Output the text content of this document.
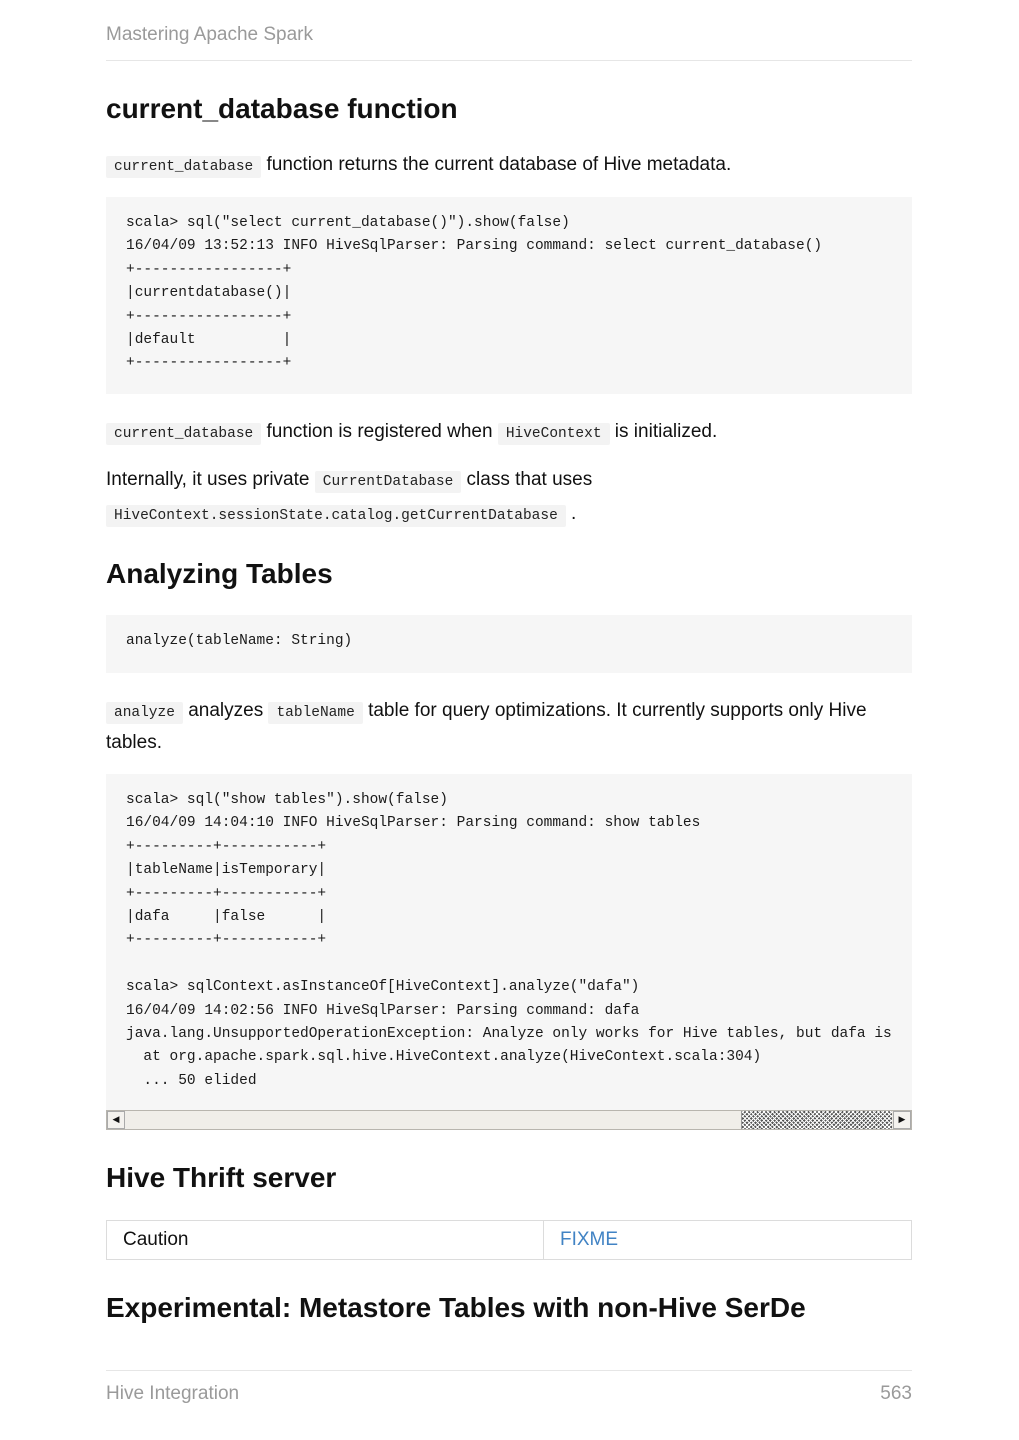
Mastering Apache Spark
current_database function

current_database function returns the current database of Hive metadata.

scala> sql("select current_database()").show(false)
16/04/09 13:52:13 INFO HiveSqlParser: Parsing command: select current_database()
+-----------------+
|currentdatabase()|
+-----------------+
|default          |
+-----------------+

current_database function is registered when HiveContext is initialized.

Internally, it uses private CurrentDatabase class that uses
HiveContext.sessionState.catalog.getCurrentDatabase .

Analyzing Tables
analyze(tableName: String)

analyze analyzes tableName table for query optimizations. It currently supports only Hive tables.

scala> sql("show tables").show(false)
16/04/09 14:04:10 INFO HiveSqlParser: Parsing command: show tables
+---------+-----------+
|tableName|isTemporary|
+---------+-----------+
|dafa     |false      |
+---------+-----------+

scala> sqlContext.asInstanceOf[HiveContext].analyze("dafa")
16/04/09 14:02:56 INFO HiveSqlParser: Parsing command: dafa
java.lang.UnsupportedOperationException: Analyze only works for Hive tables, but dafa is
at org.apache.spark.sql.hive.HiveContext.analyze(HiveContext.scala:304)
... 50 elided
◀	▶
Hive Thrift server
Caution	FIXME
Experimental: Metastore Tables with non-Hive SerDe
Hive Integration	563
